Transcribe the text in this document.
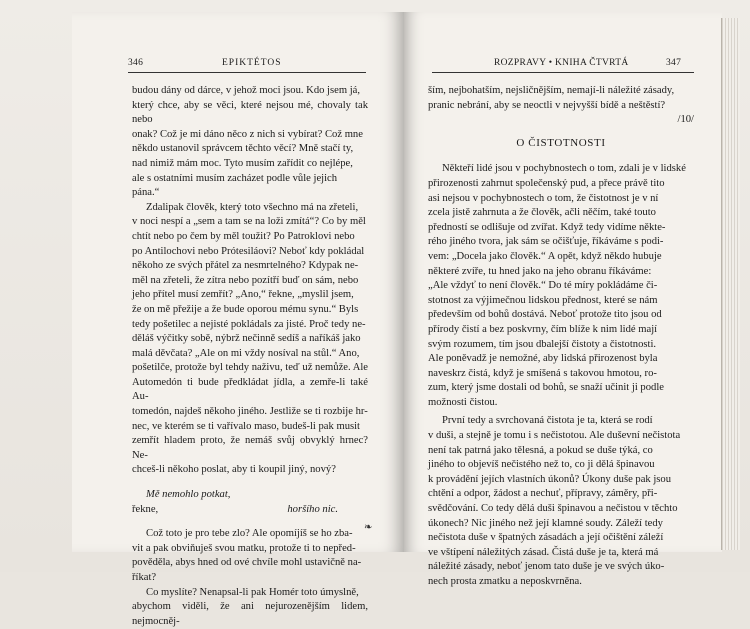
346	EPIKTÉTOS
budou dány od dárce, v jehož moci jsou. Kdo jsem já,
který chce, aby se věci, které nejsou mé, chovaly tak nebo
onak? Což je mi dáno něco z nich si vybírat? Což mne
někdo ustanovil správcem těchto věcí? Mně stačí ty,
nad nimiž mám moc. Tyto musím zařídit co nejlépe,
ale s ostatními musím zacházet podle vůle jejich
pána.“
Zdalipak člověk, který toto všechno má na zřeteli,
v noci nespí a „sem a tam se na loži zmítá“? Co by měl
chtít nebo po čem by měl toužit? Po Patroklovi nebo
po Antilochovi nebo Prótesiláovi? Neboť kdy pokládal
někoho ze svých přátel za nesmrtelného? Kdypak ne-
měl na zřeteli, že zítra nebo pozítří buď on sám, nebo
jeho přítel musí zemřít? „Ano,“ řekne, „myslil jsem,
že on mě přežije a že bude oporou mému synu.“ Byls
tedy pošetilec a nejisté pokládals za jisté. Proč tedy ne-
děláš výčitky sobě, nýbrž nečinně sedíš a naříkáš jako
malá děvčata? „Ale on mi vždy nosíval na stůl.“ Ano,
pošetilče, protože byl tehdy naživu, teď už nemůže. Ale
Automedón ti bude předkládat jídla, a zemře-li také Au-
tomedón, najdeš někoho jiného. Jestliže se ti rozbije hr-
nec, ve kterém se ti vařívalo maso, budeš-li pak musit
zemřít hladem proto, že nemáš svůj obvyklý hrnec? Ne-
chceš-li někoho poslat, aby ti koupil jiný, nový?
Mě nemohlo potkat,
řekne,	horšího nic.
Což toto je pro tebe zlo? Ale opomíjíš se ho zba-
vit a pak obviňuješ svou matku, protože ti to nepřed-
pověděla, abys hned od ové chvíle mohl ustavičně na-
říkat?
Co myslíte? Nenapsal-li pak Homér toto úmyslně,
abychom viděli, že ani nejurozenějším lidem, nejmocněj-
❧
ROZPRAVY • KNIHA ČTVRTÁ	347
ším, nejbohatším, nejsličnějším, nemají-li náležité zásady,
pranic nebrání, aby se neoctli v nejvyšší bídě a neštěstí?
/10/
O ČISTOTNOSTI
Někteří lidé jsou v pochybnostech o tom, zdali je v lidské
přirozenosti zahrnut společenský pud, a přece právě tito
asi nejsou v pochybnostech o tom, že čistotnost je v ní
zcela jistě zahrnuta a že člověk, ačli něčím, také touto
předností se odlišuje od zvířat. Když tedy vidíme někte-
rého jiného tvora, jak sám se očišťuje, říkáváme s podi-
vem: „Docela jako člověk.“ A opět, když někdo hubuje
některé zvíře, tu hned jako na jeho obranu říkáváme:
„Ale vždyť to není člověk.“ Do té míry pokládáme či-
stotnost za výjimečnou lidskou přednost, které se nám
především od bohů dostává. Neboť protože tito jsou od
přírody čistí a bez poskvrny, čím blíže k nim lidé mají
svým rozumem, tím jsou dbalejší čistoty a čistotnosti.
Ale poněvadž je nemožné, aby lidská přirozenost byla
naveskrz čistá, když je smíšená s takovou hmotou, ro-
zum, který jsme dostali od bohů, se snaží učinit ji podle
možnosti čistou.
První tedy a svrchovaná čistota je ta, která se rodí
v duši, a stejně je tomu i s nečistotou. Ale duševní nečistota
není tak patrná jako tělesná, a pokud se duše týká, co
jiného to objevíš nečistého než to, co ji dělá špinavou
k provádění jejích vlastních úkonů? Úkony duše pak jsou
chtění a odpor, žádost a nechuť, přípravy, záměry, při-
svědčování. Co tedy dělá duši špinavou a nečistou v těchto
úkonech? Nic jiného než její klamné soudy. Záleží tedy
nečistota duše v špatných zásadách a její očištění záleží
ve vštípení náležitých zásad. Čistá duše je ta, která má
náležité zásady, neboť jenom tato duše je ve svých úko-
nech prosta zmatku a neposkvrněna.
